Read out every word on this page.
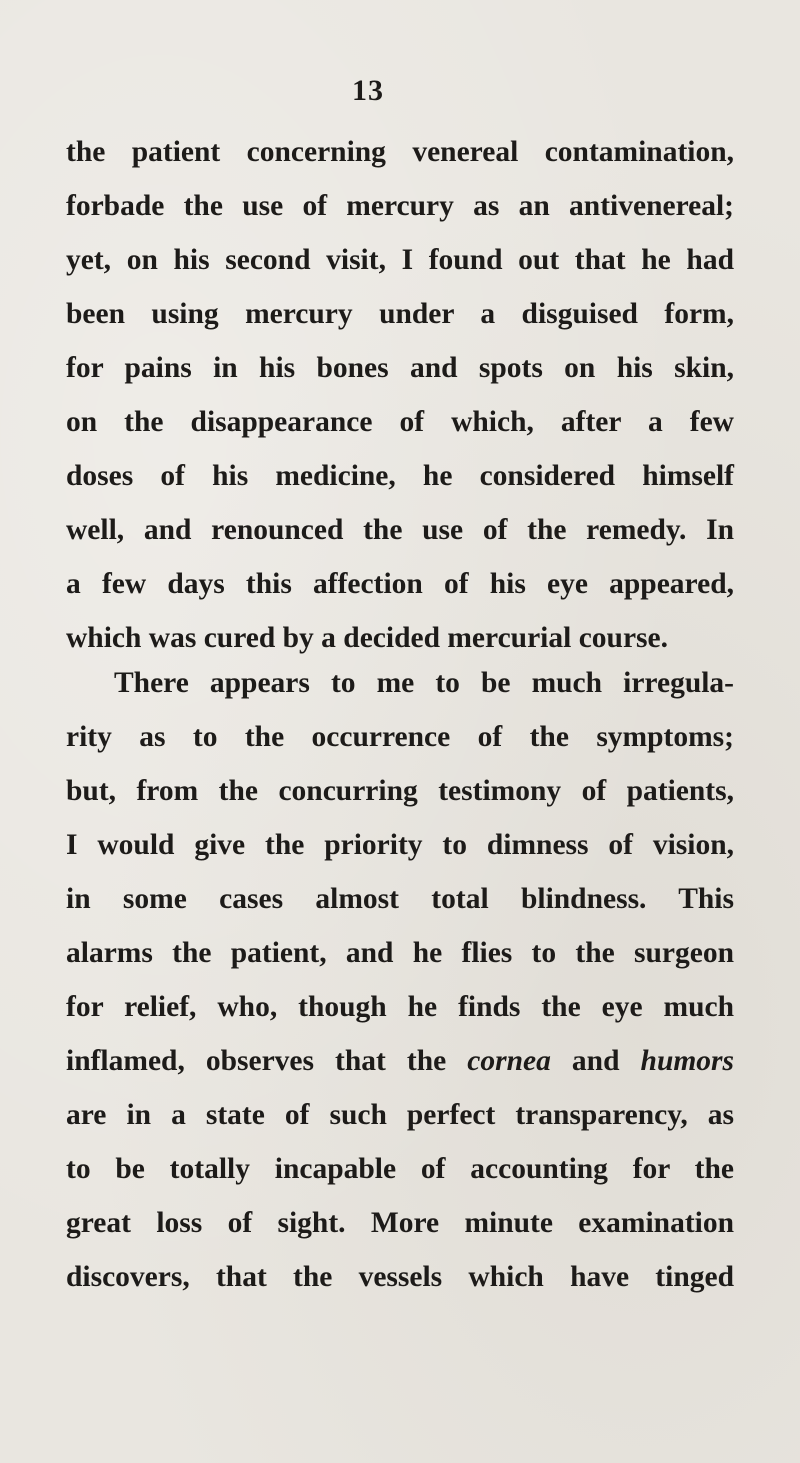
13
the patient concerning venereal contamination,
forbade the use of mercury as an antivenereal;
yet, on his second visit, I found out that he had
been using mercury under a disguised form,
for pains in his bones and spots on his skin,
on the disappearance of which, after a few
doses of his medicine, he considered himself
well, and renounced the use of the remedy. In
a few days this affection of his eye appeared,
which was cured by a decided mercurial course.
There appears to me to be much irregula-
rity as to the occurrence of the symptoms;
but, from the concurring testimony of patients,
I would give the priority to dimness of vision,
in some cases almost total blindness. This
alarms the patient, and he flies to the surgeon
for relief, who, though he finds the eye much
inflamed, observes that the cornea and humors
are in a state of such perfect transparency, as
to be totally incapable of accounting for the
great loss of sight. More minute examination
discovers, that the vessels which have tinged
